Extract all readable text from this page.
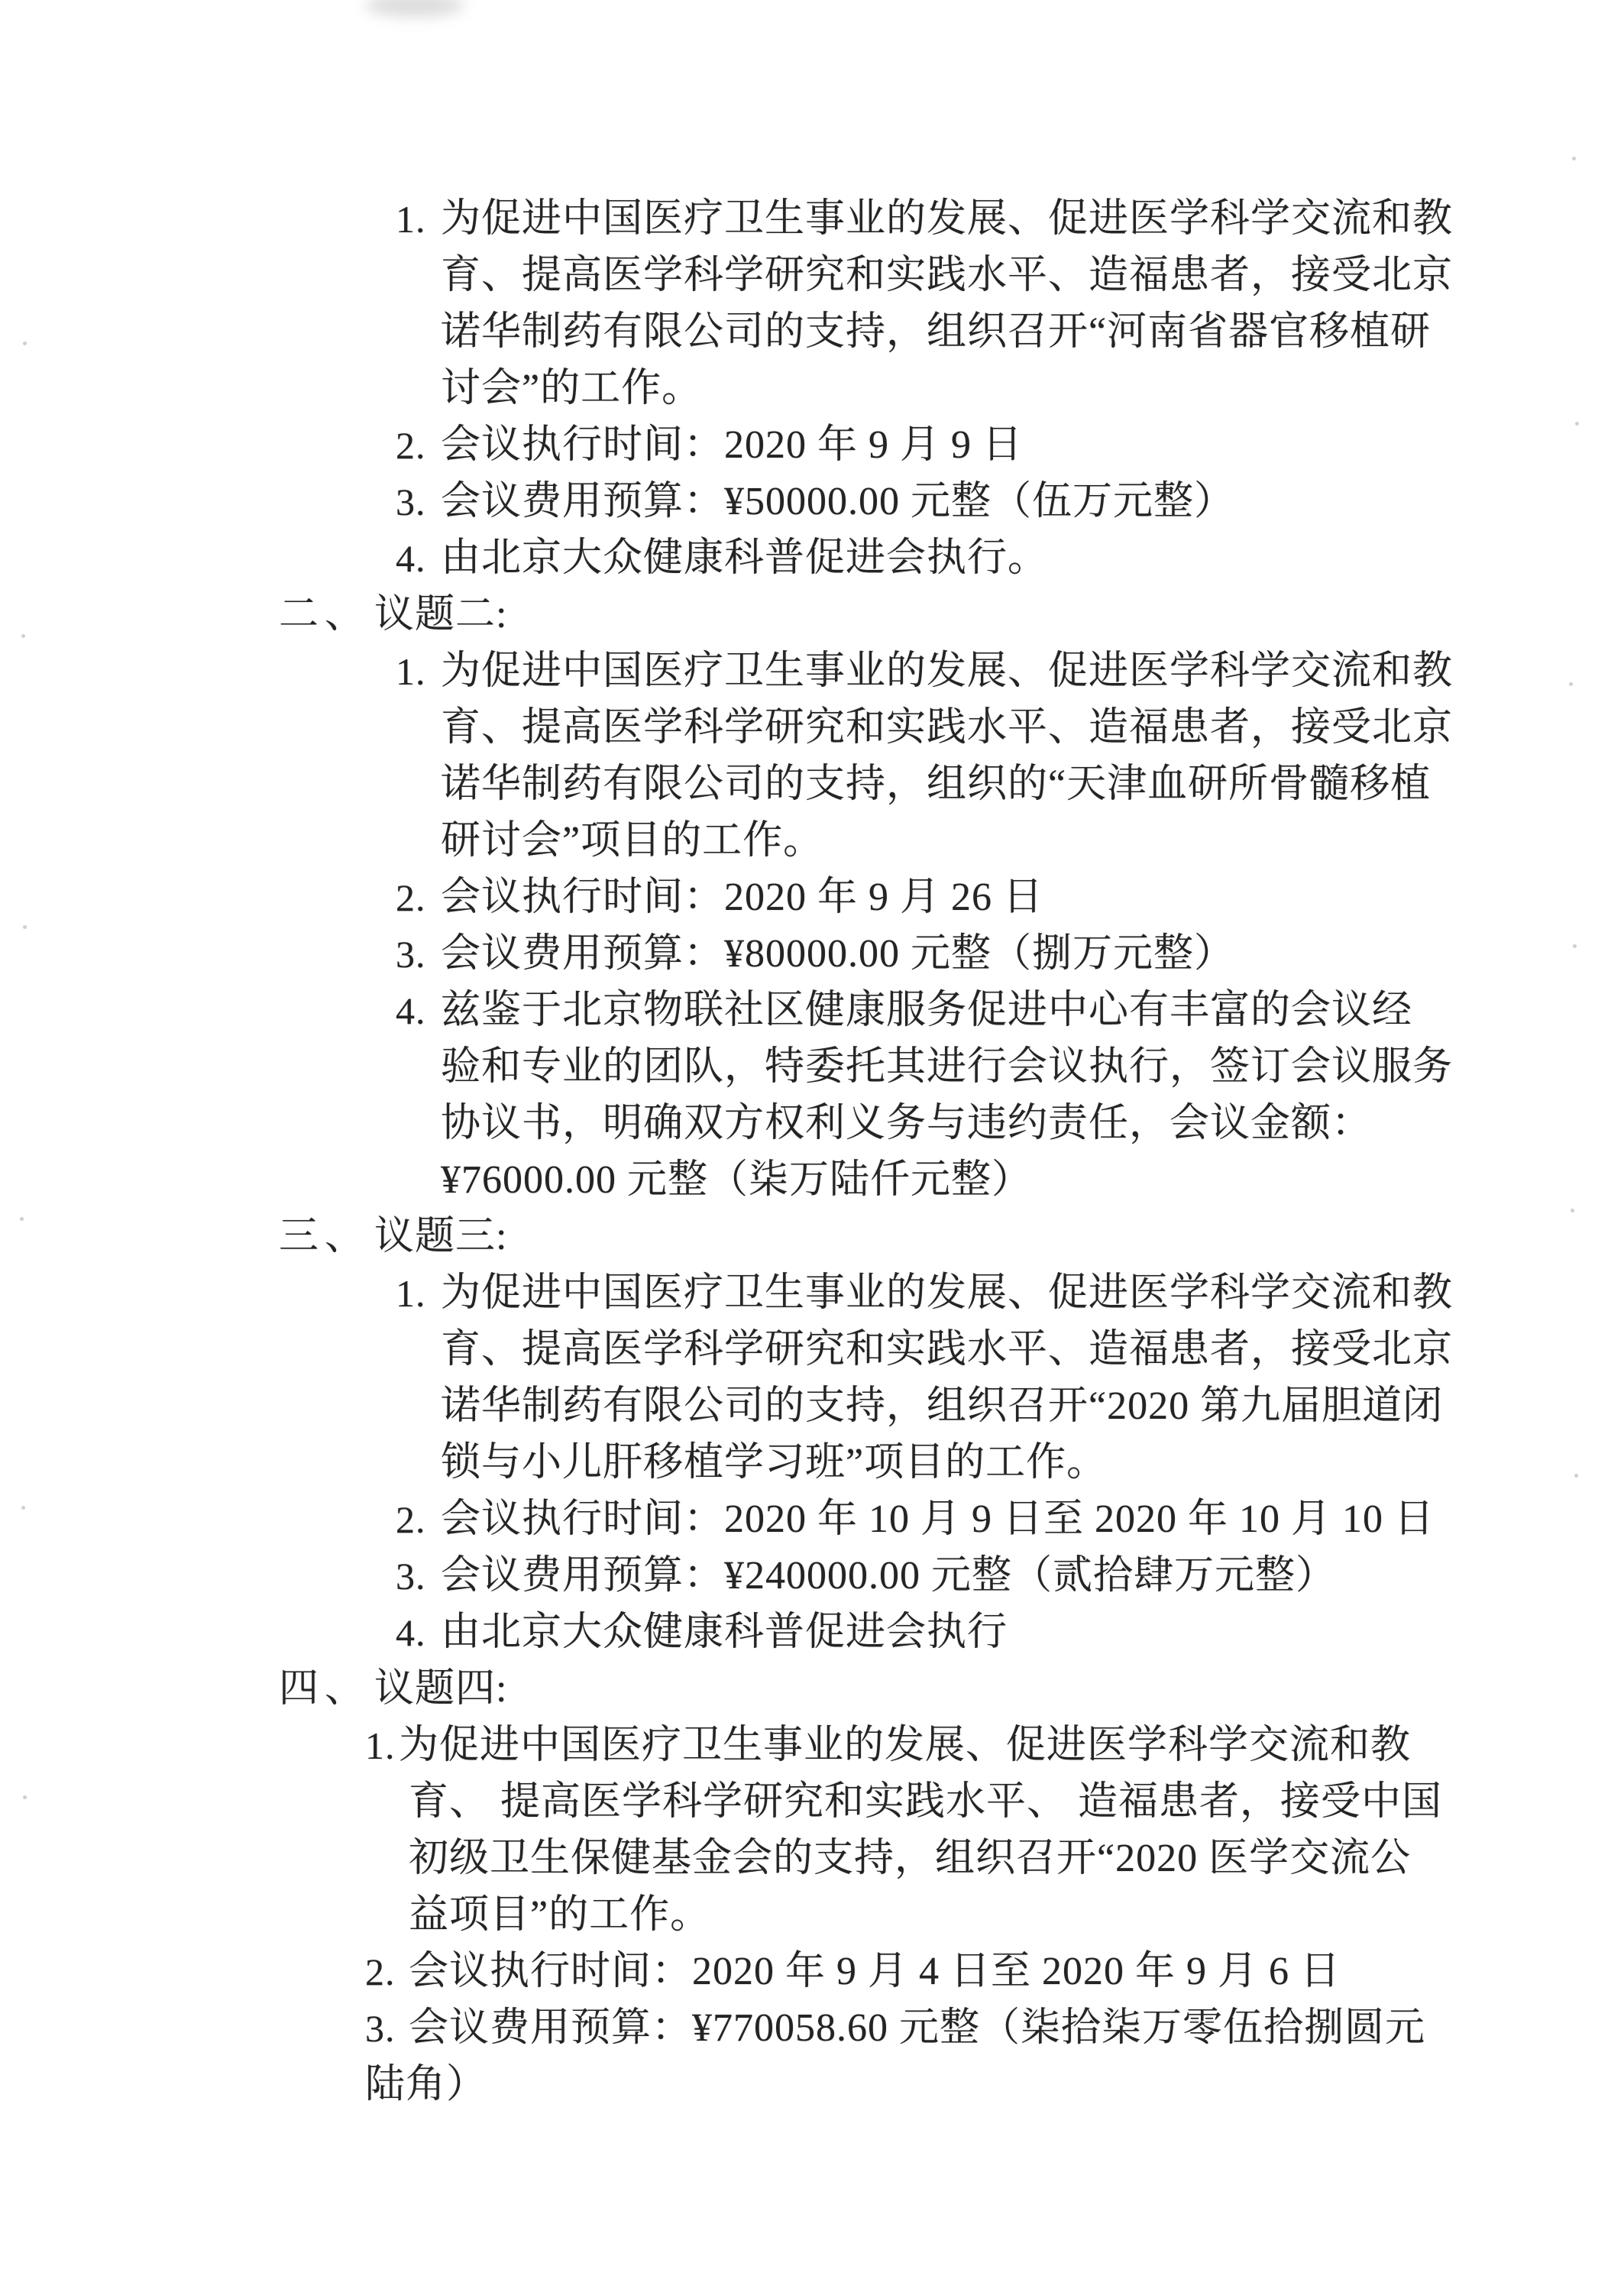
1. 为促进中国医疗卫生事业的发展、促进医学科学交流和教
育、提高医学科学研究和实践水平、造福患者，接受北京
诺华制药有限公司的支持，组织召开“河南省器官移植研
讨会”的工作。
2. 会议执行时间：2020 年 9 月 9 日
3. 会议费用预算：¥50000.00 元整（伍万元整）
4. 由北京大众健康科普促进会执行。
二、 议题二:
1. 为促进中国医疗卫生事业的发展、促进医学科学交流和教
育、提高医学科学研究和实践水平、造福患者，接受北京
诺华制药有限公司的支持，组织的“天津血研所骨髓移植
研讨会”项目的工作。
2. 会议执行时间：2020 年 9 月 26 日
3. 会议费用预算：¥80000.00 元整（捌万元整）
4. 兹鉴于北京物联社区健康服务促进中心有丰富的会议经
验和专业的团队，特委托其进行会议执行，签订会议服务
协议书，明确双方权利义务与违约责任，会议金额：
¥76000.00 元整（柒万陆仟元整）
三、 议题三:
1. 为促进中国医疗卫生事业的发展、促进医学科学交流和教
育、提高医学科学研究和实践水平、造福患者，接受北京
诺华制药有限公司的支持，组织召开“2020 第九届胆道闭
锁与小儿肝移植学习班”项目的工作。
2. 会议执行时间：2020 年 10 月 9 日至 2020 年 10 月 10 日
3. 会议费用预算：¥240000.00 元整（贰拾肆万元整）
4. 由北京大众健康科普促进会执行
四、 议题四:
1. 为促进中国医疗卫生事业的发展、促进医学科学交流和教
育、 提高医学科学研究和实践水平、 造福患者，接受中国
初级卫生保健基金会的支持，组织召开“2020 医学交流公
益项目”的工作。
2. 会议执行时间：2020 年 9 月 4 日至 2020 年 9 月 6 日
3. 会议费用预算：¥770058.60 元整（柒拾柒万零伍拾捌圆元
陆角）
